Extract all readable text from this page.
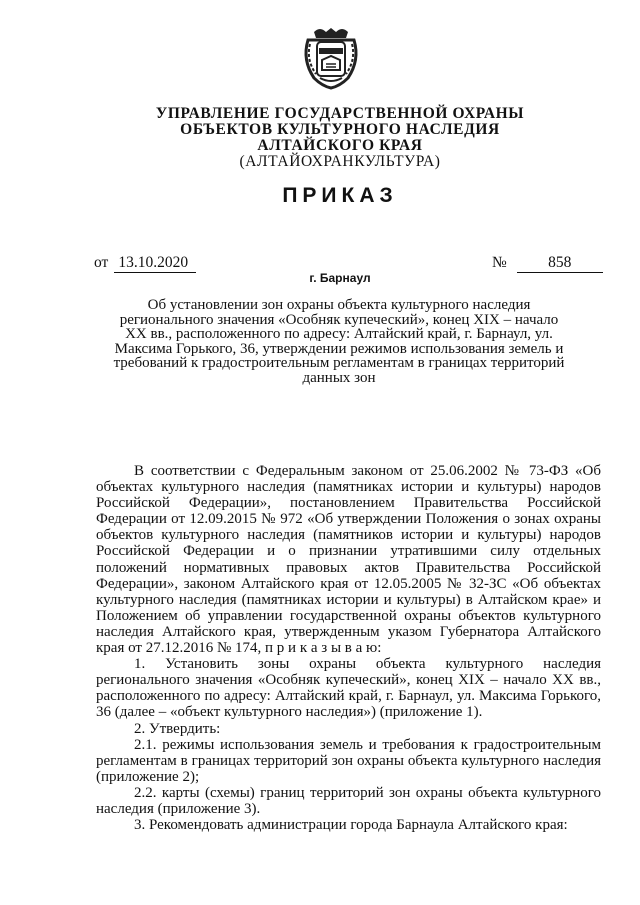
УПРАВЛЕНИЕ ГОСУДАРСТВЕННОЙ ОХРАНЫ
ОБЪЕКТОВ КУЛЬТУРНОГО НАСЛЕДИЯ
АЛТАЙСКОГО КРАЯ
(АЛТАЙОХРАНКУЛЬТУРА)
ПРИКАЗ
от 13.10.2020	№	858
г. Барнаул
Об установлении зон охраны объекта культурного наследия регионального значения «Особняк купеческий», конец XIX – начало XX вв., расположенного по адресу: Алтайский край, г. Барнаул, ул. Максима Горького, 36, утверждении режимов использования земель и требований к градостроительным регламентам в границах территорий данных зон

В соответствии с Федеральным законом от 25.06.2002 № 73-ФЗ «Об объектах культурного наследия (памятниках истории и культуры) народов Российской Федерации», постановлением Правительства Российской Федерации от 12.09.2015 № 972 «Об утверждении Положения о зонах охраны объектов культурного наследия (памятников истории и культуры) народов Российской Федерации и о признании утратившими силу отдельных положений нормативных правовых актов Правительства Российской Федерации», законом Алтайского края от 12.05.2005 № 32-ЗС «Об объектах культурного наследия (памятниках истории и культуры) в Алтайском крае» и Положением об управлении государственной охраны объектов культурного наследия Алтайского края, утвержденным указом Губернатора Алтайского края от 27.12.2016 № 174, п р и к а з ы в а ю:

1. Установить зоны охраны объекта культурного наследия регионального значения «Особняк купеческий», конец XIX – начало XX вв., расположенного по адресу: Алтайский край, г. Барнаул, ул. Максима Горького, 36 (далее – «объект культурного наследия») (приложение 1).

2. Утвердить:

2.1. режимы использования земель и требования к градостроительным регламентам в границах территорий зон охраны объекта культурного наследия (приложение 2);

2.2. карты (схемы) границ территорий зон охраны объекта культурного наследия (приложение 3).

3. Рекомендовать администрации города Барнаула Алтайского края:
